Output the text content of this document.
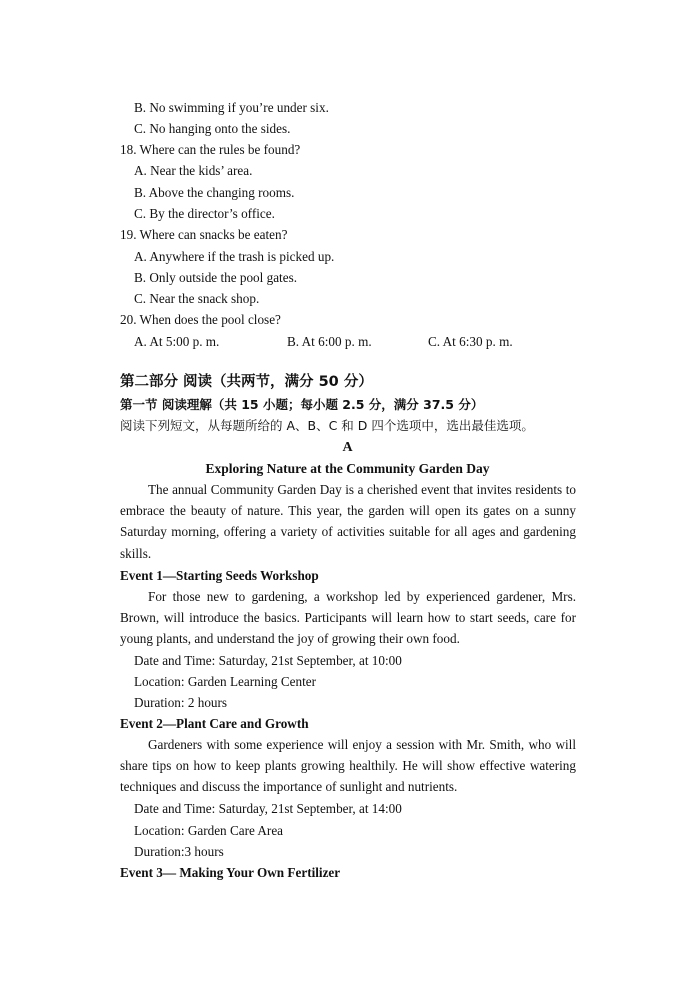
B. No swimming if you’re under six.
C. No hanging onto the sides.
18. Where can the rules be found?
A. Near the kids’ area.
B. Above the changing rooms.
C. By the director’s office.
19. Where can snacks be eaten?
A. Anywhere if the trash is picked up.
B. Only outside the pool gates.
C. Near the snack shop.
20. When does the pool close?
A. At 5:00 p. m.	B. At 6:00 p. m.	C. At 6:30 p. m.
第二部分 阅读（共两节，满分 50 分）
第一节 阅读理解（共 15 小题；每小题 2.5 分，满分 37.5 分）
阅读下列短文，从每题所给的 A、B、C 和 D 四个选项中，选出最佳选项。
A
Exploring Nature at the Community Garden Day
The annual Community Garden Day is a cherished event that invites residents to embrace the beauty of nature. This year, the garden will open its gates on a sunny Saturday morning, offering a variety of activities suitable for all ages and gardening skills.
Event 1—Starting Seeds Workshop
For those new to gardening, a workshop led by experienced gardener, Mrs. Brown, will introduce the basics. Participants will learn how to start seeds, care for young plants, and understand the joy of growing their own food.
Date and Time: Saturday, 21st September, at 10:00
Location: Garden Learning Center
Duration: 2 hours
Event 2—Plant Care and Growth
Gardeners with some experience will enjoy a session with Mr. Smith, who will share tips on how to keep plants growing healthily. He will show effective watering techniques and discuss the importance of sunlight and nutrients.
Date and Time: Saturday, 21st September, at 14:00
Location: Garden Care Area
Duration:3 hours
Event 3— Making Your Own Fertilizer
